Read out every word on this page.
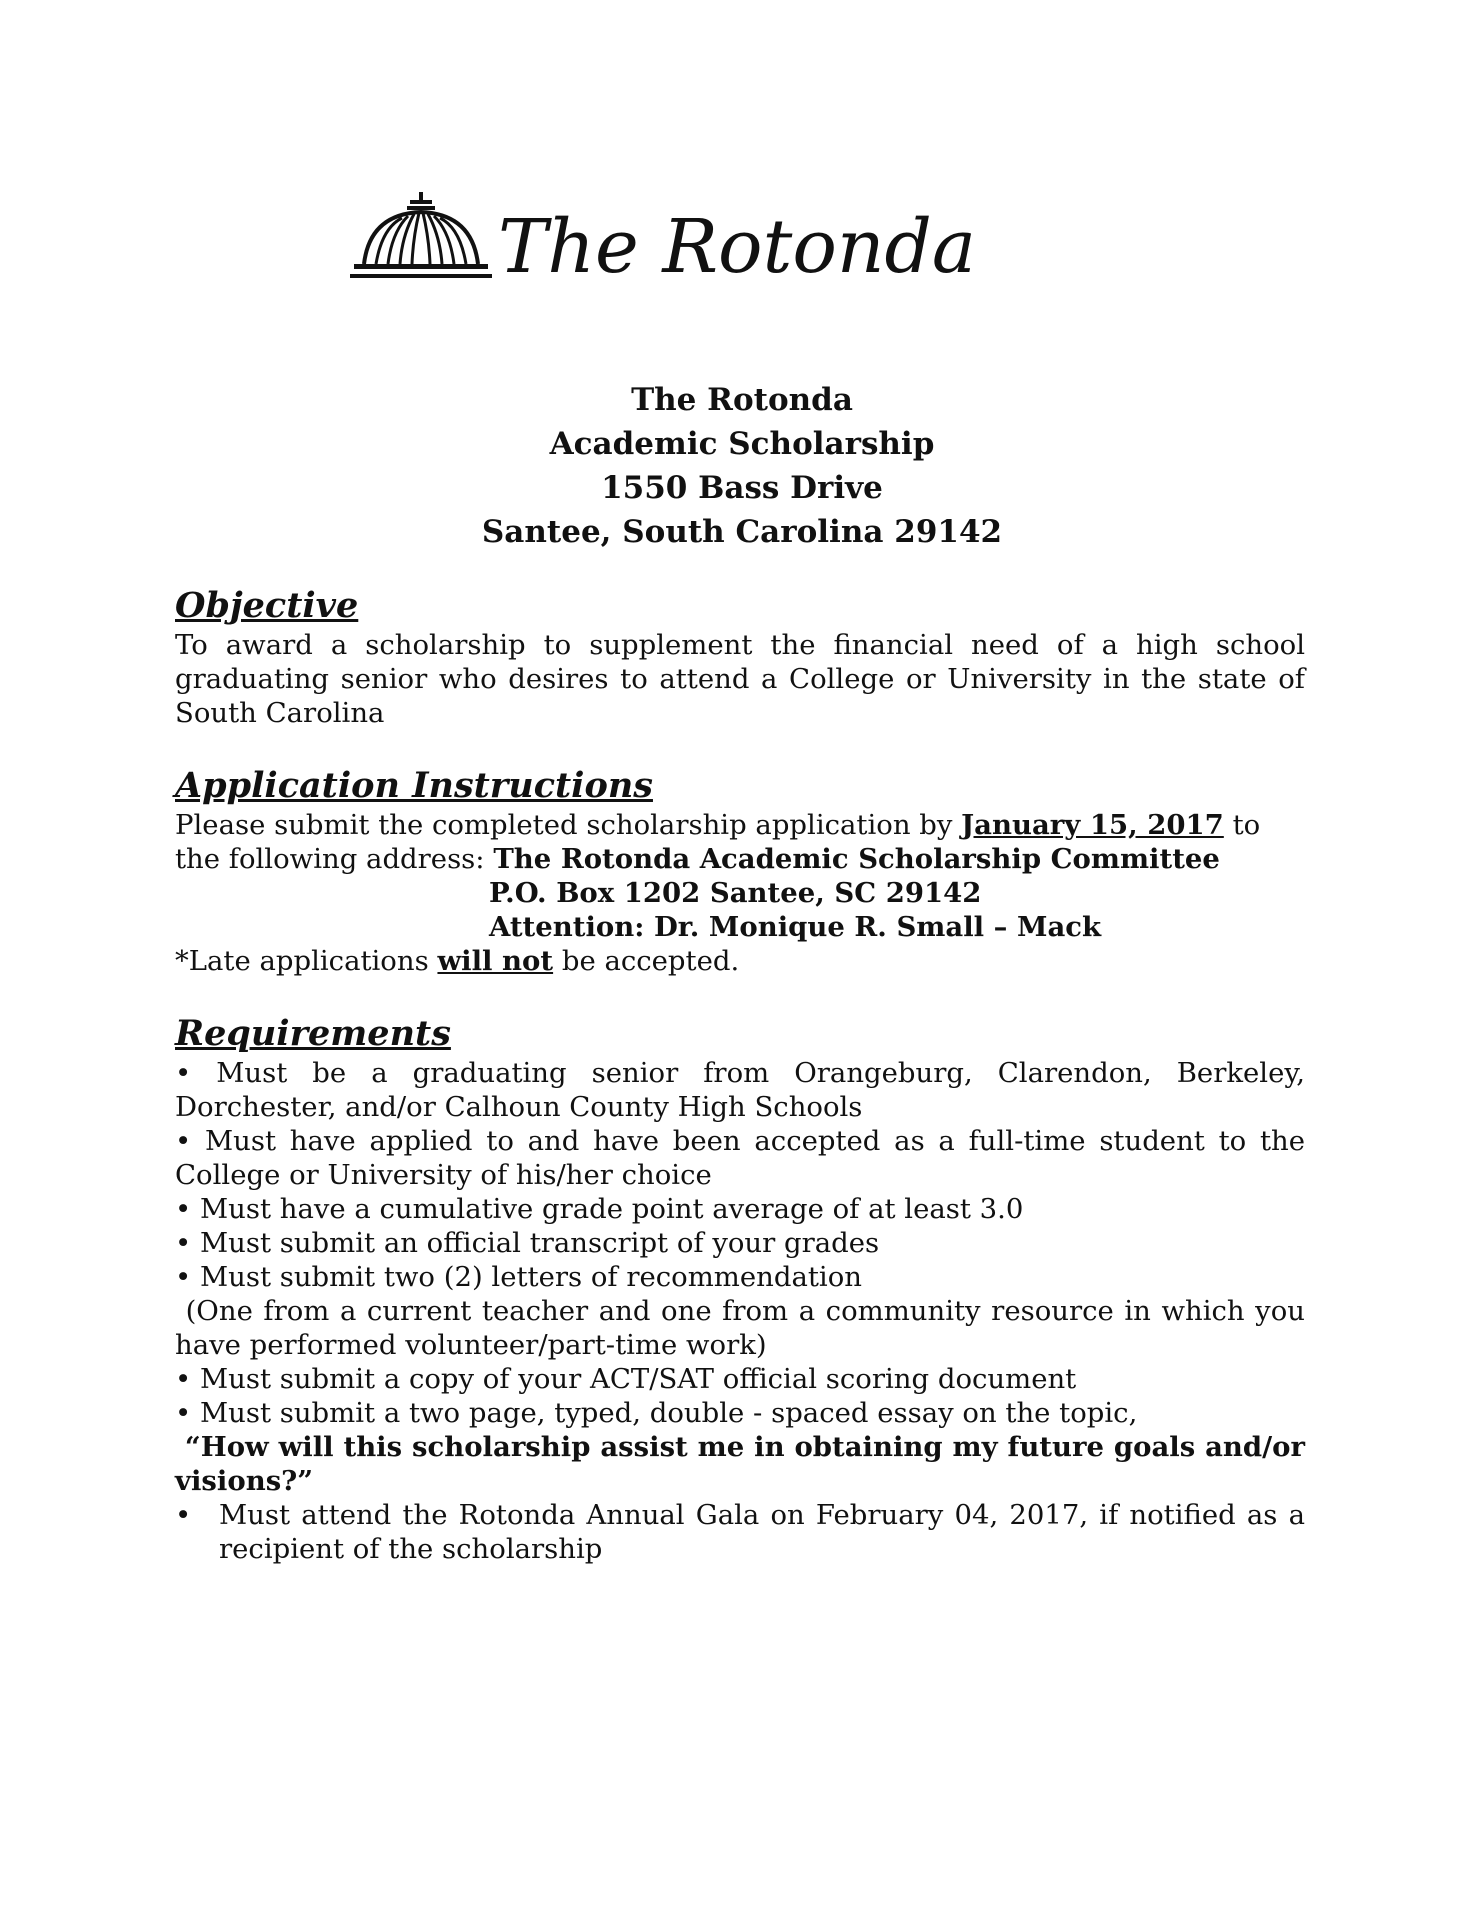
The Rotonda
The Rotonda
Academic Scholarship
1550 Bass Drive
Santee, South Carolina 29142
Objective

To award a scholarship to supplement the financial need of a high school graduating senior who desires to attend a College or University in the state of South Carolina

Application Instructions

Please submit the completed scholarship application by January 15, 2017 to

the following address: The Rotonda Academic Scholarship Committee

P.O. Box 1202 Santee, SC 29142

Attention: Dr. Monique R. Small – Mack

*Late applications will not be accepted.

Requirements

• Must be a graduating senior from Orangeburg, Clarendon, Berkeley, Dorchester, and/or Calhoun County High Schools

• Must have applied to and have been accepted as a full-time student to the College or University of his/her choice

• Must have a cumulative grade point average of at least 3.0

• Must submit an official transcript of your grades

• Must submit two (2) letters of recommendation

(One from a current teacher and one from a community resource in which you have performed volunteer/part-time work)

• Must submit a copy of your ACT/SAT official scoring document

• Must submit a two page, typed, double - spaced essay on the topic,

“How will this scholarship assist me in obtaining my future goals and/or visions?”

•	Must attend the Rotonda Annual Gala on February 04, 2017, if notified as a recipient of the scholarship
